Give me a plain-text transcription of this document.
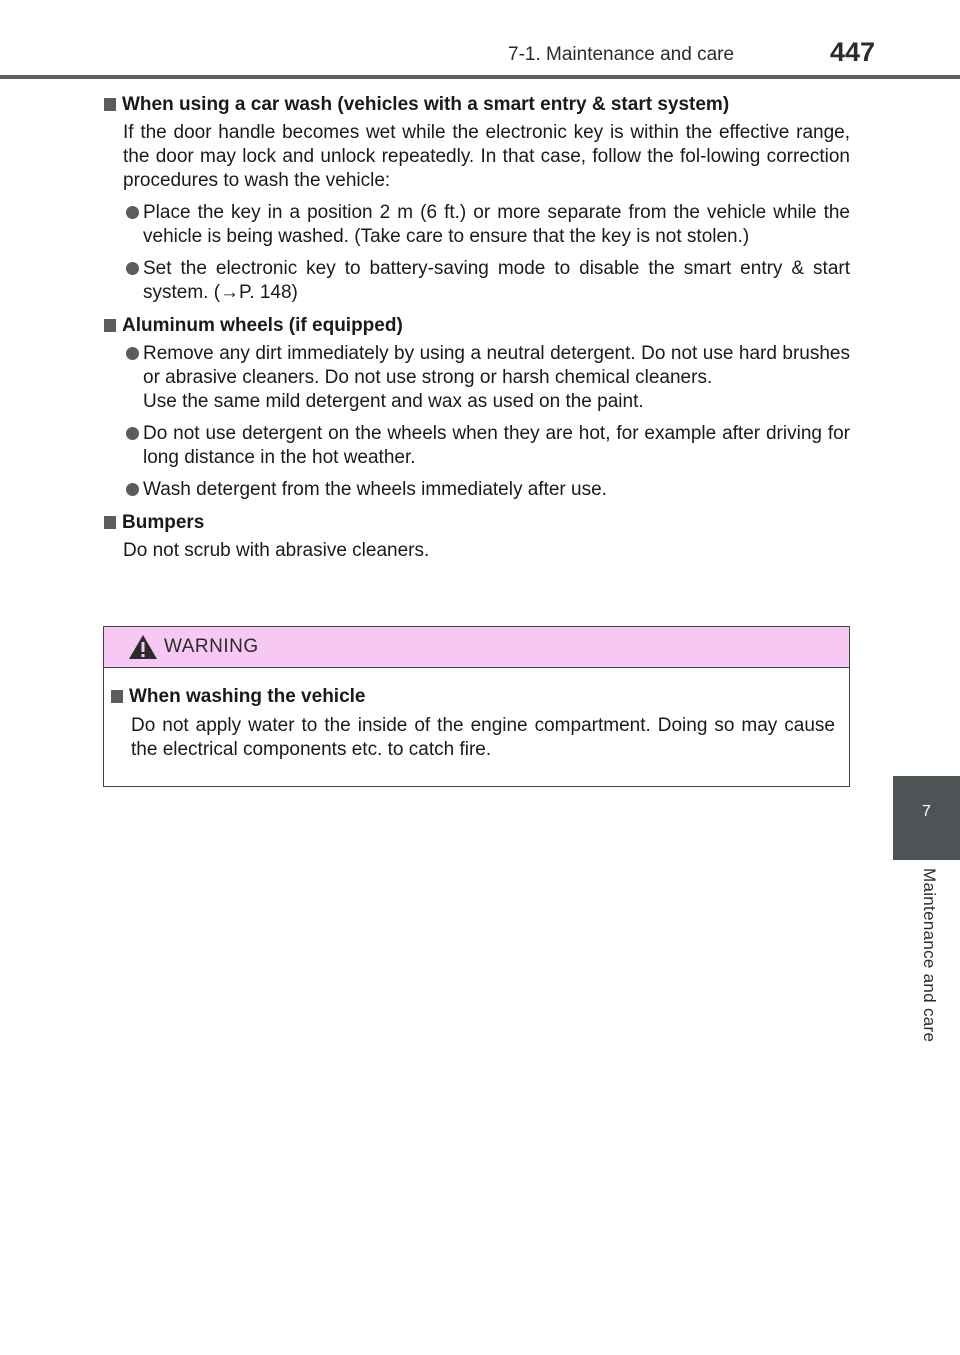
7-1. Maintenance and care	447
7
Maintenance and care
When using a car wash (vehicles with a smart entry & start system)
If the door handle becomes wet while the electronic key is within the effective range, the door may lock and unlock repeatedly. In that case, follow the fol-lowing correction procedures to wash the vehicle:
Place the key in a position 2 m (6 ft.) or more separate from the vehicle while the vehicle is being washed. (Take care to ensure that the key is not stolen.)
Set the electronic key to battery-saving mode to disable the smart entry & start system. (→P. 148)
Aluminum wheels (if equipped)
Remove any dirt immediately by using a neutral detergent. Do not use hard brushes or abrasive cleaners. Do not use strong or harsh chemical cleaners.
Use the same mild detergent and wax as used on the paint.
Do not use detergent on the wheels when they are hot, for example after driving for long distance in the hot weather.
Wash detergent from the wheels immediately after use.
Bumpers
Do not scrub with abrasive cleaners.
WARNING
When washing the vehicle
Do not apply water to the inside of the engine compartment. Doing so may cause the electrical components etc. to catch fire.
